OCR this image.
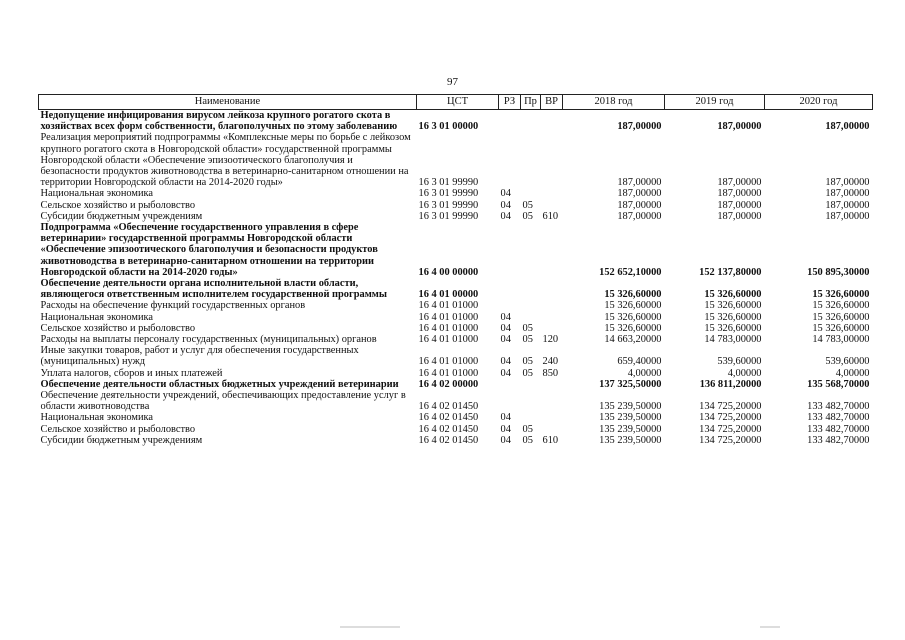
97
Наименование	ЦСТ	РЗ	Пр	ВР	2018 год	2019 год	2020 год
Недопущение инфицирования вирусом лейкоза крупного рогатого скота в хозяйствах всех форм собственности, благополучных по этому заболеванию	16 3 01 00000				187,00000	187,00000	187,00000
Реализация мероприятий подпрограммы «Комплексные меры по борьбе с лейкозом крупного рогатого скота в Новгородской области» государственной программы Новгородской области «Обеспечение эпизоотического благополучия и безопасности продуктов животноводства в ветеринарно-санитарном отношении на территории Новгородской области на 2014-2020 годы»	16 3 01 99990				187,00000	187,00000	187,00000
Национальная экономика	16 3 01 99990	04			187,00000	187,00000	187,00000
Сельское хозяйство и рыболовство	16 3 01 99990	04	05		187,00000	187,00000	187,00000
Субсидии бюджетным учреждениям	16 3 01 99990	04	05	610	187,00000	187,00000	187,00000
Подпрограмма «Обеспечение государственного управления в сфере ветеринарии» государственной программы Новгородской области «Обеспечение эпизоотического благополучия и безопасности продуктов животноводства в ветеринарно-санитарном отношении на территории Новгородской области на 2014-2020 годы»	16 4 00 00000				152 652,10000	152 137,80000	150 895,30000
Обеспечение деятельности органа исполнительной власти области, являющегося ответственным исполнителем государственной программы	16 4 01 00000				15 326,60000	15 326,60000	15 326,60000
Расходы на обеспечение функций государственных органов	16 4 01 01000				15 326,60000	15 326,60000	15 326,60000
Национальная экономика	16 4 01 01000	04			15 326,60000	15 326,60000	15 326,60000
Сельское хозяйство и рыболовство	16 4 01 01000	04	05		15 326,60000	15 326,60000	15 326,60000
Расходы на выплаты персоналу государственных (муниципальных) органов	16 4 01 01000	04	05	120	14 663,20000	14 783,00000	14 783,00000
Иные закупки товаров, работ и услуг для обеспечения государственных (муниципальных) нужд	16 4 01 01000	04	05	240	659,40000	539,60000	539,60000
Уплата налогов, сборов и иных платежей	16 4 01 01000	04	05	850	4,00000	4,00000	4,00000
Обеспечение деятельности областных бюджетных учреждений ветеринарии	16 4 02 00000				137 325,50000	136 811,20000	135 568,70000
Обеспечение деятельности учреждений, обеспечивающих предоставление услуг в области животноводства	16 4 02 01450				135 239,50000	134 725,20000	133 482,70000
Национальная экономика	16 4 02 01450	04			135 239,50000	134 725,20000	133 482,70000
Сельское хозяйство и рыболовство	16 4 02 01450	04	05		135 239,50000	134 725,20000	133 482,70000
Субсидии бюджетным учреждениям	16 4 02 01450	04	05	610	135 239,50000	134 725,20000	133 482,70000
